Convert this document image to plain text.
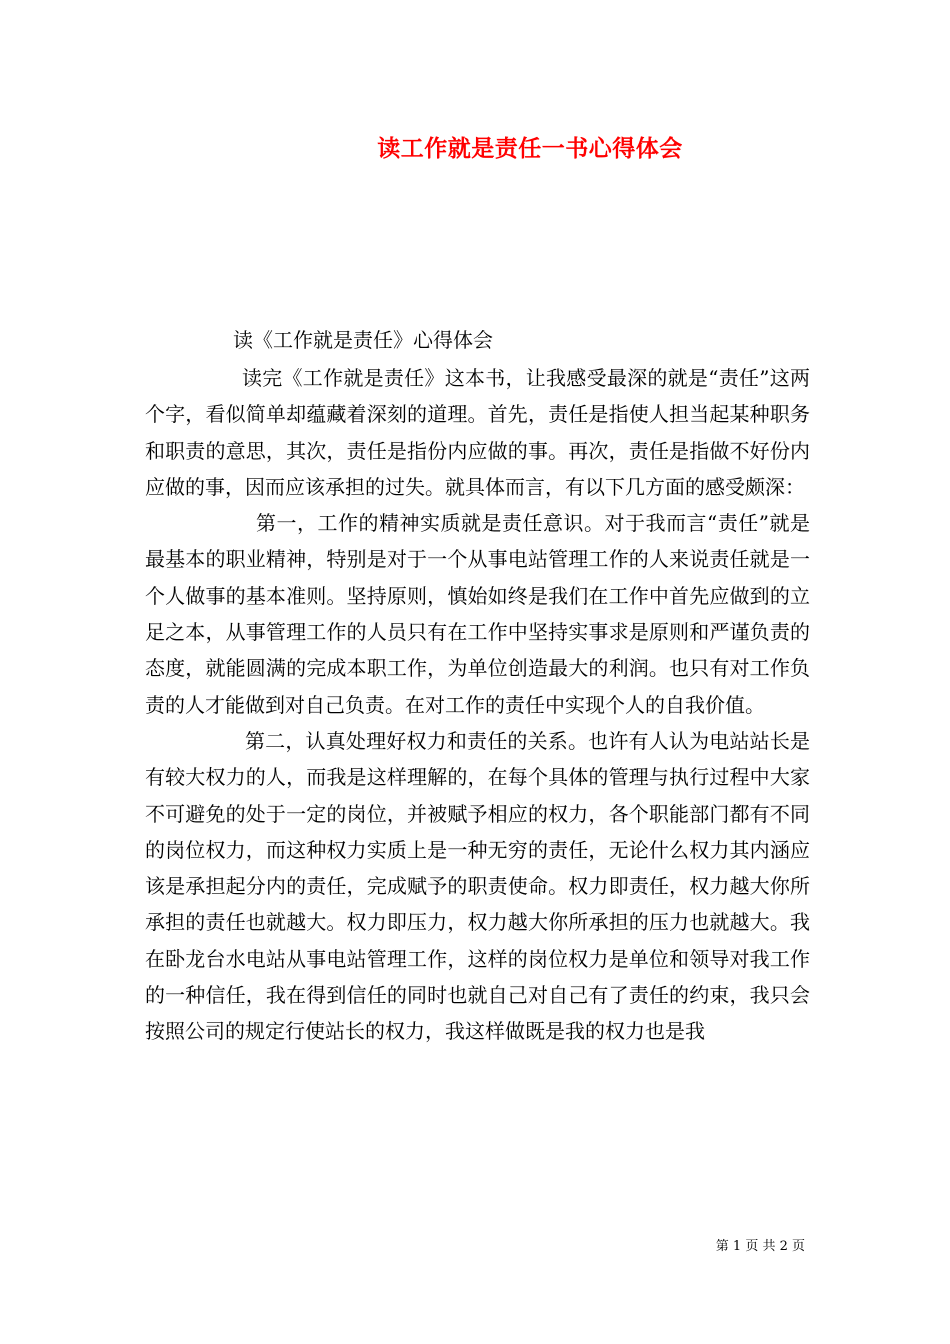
读工作就是责任一书心得体会
读《工作就是责任》心得体会

读完《工作就是责任》这本书，让我感受最深的就是“责任”这两个字，看似简单却蕴藏着深刻的道理。首先，责任是指使人担当起某种职务和职责的意思，其次，责任是指份内应做的事。再次，责任是指做不好份内应做的事，因而应该承担的过失。就具体而言，有以下几方面的感受颇深：

第一，工作的精神实质就是责任意识。对于我而言“责任”就是最基本的职业精神，特别是对于一个从事电站管理工作的人来说责任就是一个人做事的基本准则。坚持原则，慎始如终是我们在工作中首先应做到的立足之本，从事管理工作的人员只有在工作中坚持实事求是原则和严谨负责的态度，就能圆满的完成本职工作，为单位创造最大的利润。也只有对工作负责的人才能做到对自己负责。在对工作的责任中实现个人的自我价值。

第二，认真处理好权力和责任的关系。也许有人认为电站站长是有较大权力的人，而我是这样理解的，在每个具体的管理与执行过程中大家不可避免的处于一定的岗位，并被赋予相应的权力，各个职能部门都有不同的岗位权力，而这种权力实质上是一种无穷的责任，无论什么权力其内涵应该是承担起分内的责任，完成赋予的职责使命。权力即责任，权力越大你所承担的责任也就越大。权力即压力，权力越大你所承担的压力也就越大。我在卧龙台水电站从事电站管理工作，这样的岗位权力是单位和领导对我工作的一种信任，我在得到信任的同时也就自己对自己有了责任的约束，我只会按照公司的规定行使站长的权力，我这样做既是我的权力也是我

第 1 页 共 2 页
